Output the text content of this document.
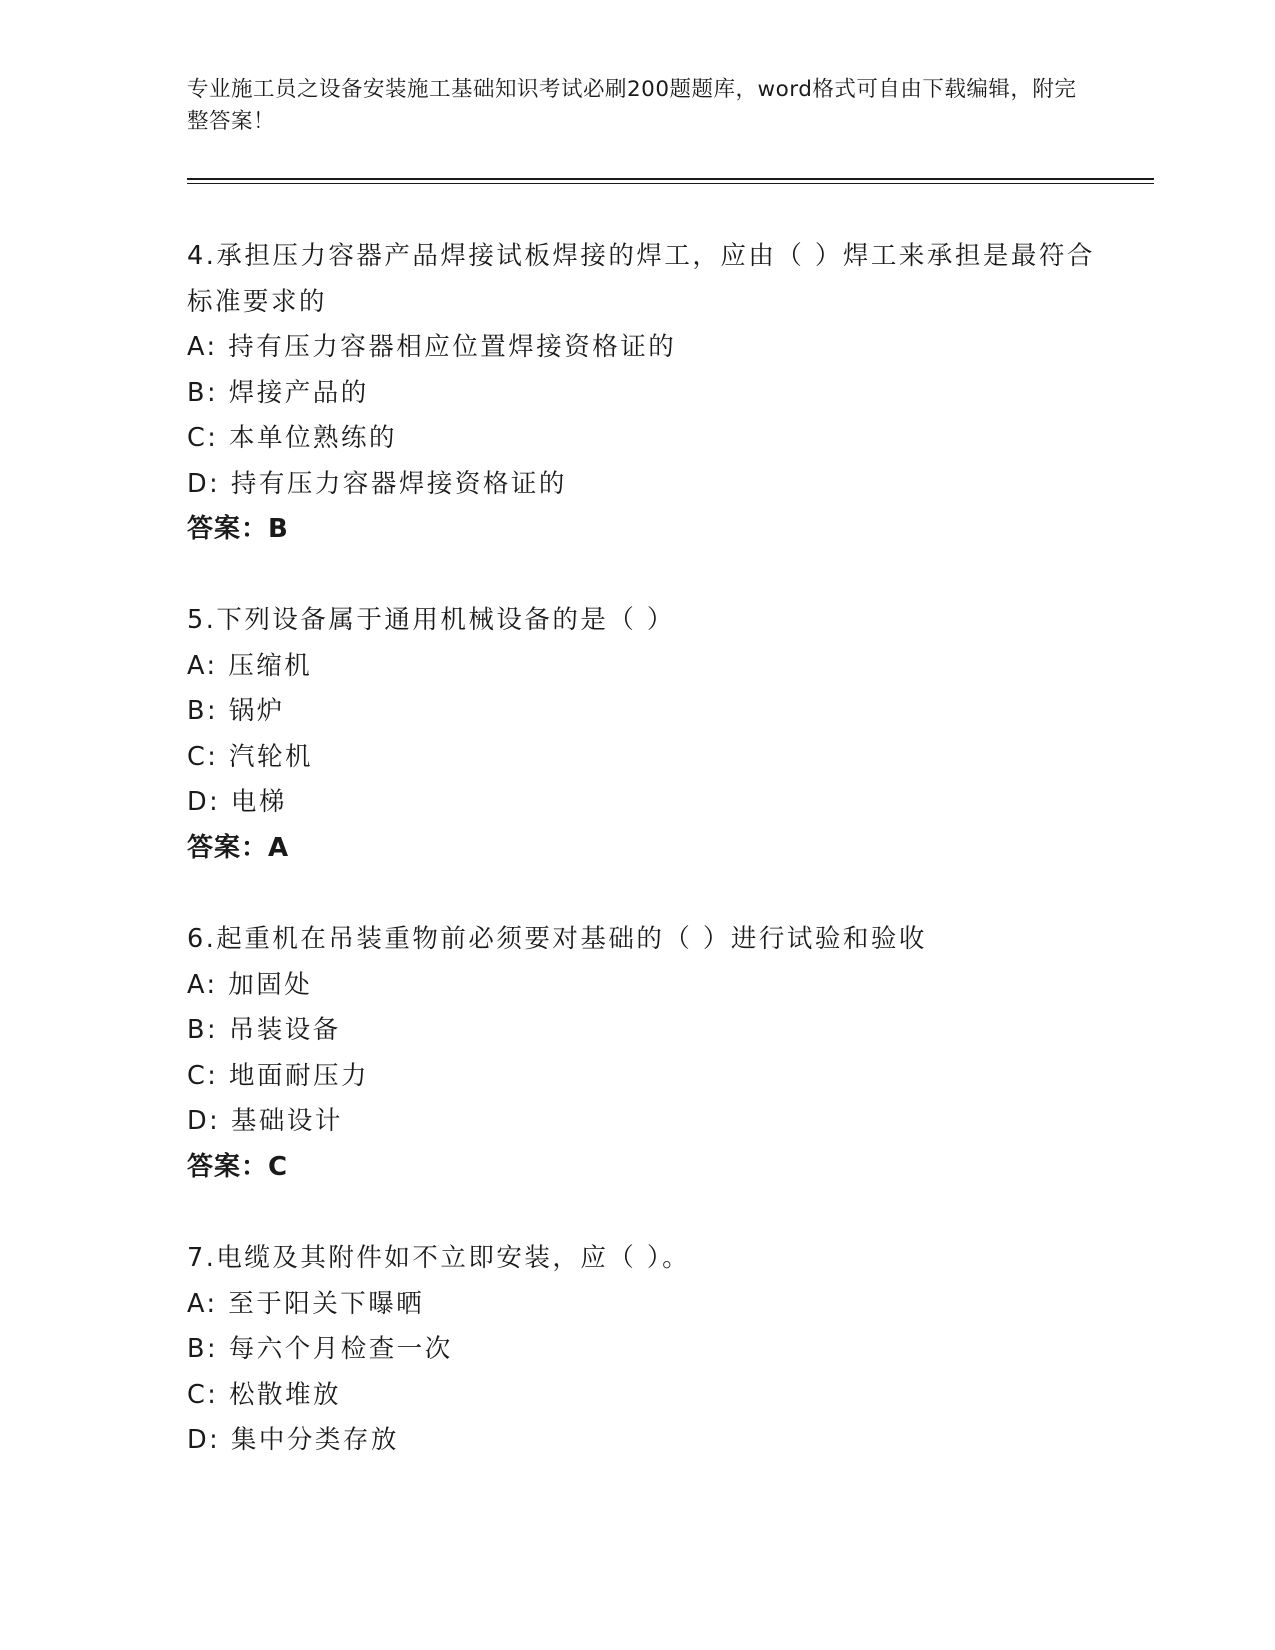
专业施工员之设备安装施工基础知识考试必刷200题题库，word格式可自由下载编辑，附完整答案！

4.承担压力容器产品焊接试板焊接的焊工，应由（ ）焊工来承担是最符合标准要求的

A: 持有压力容器相应位置焊接资格证的

B: 焊接产品的

C: 本单位熟练的

D: 持有压力容器焊接资格证的

答案：B

5.下列设备属于通用机械设备的是（ ）

A: 压缩机

B: 锅炉

C: 汽轮机

D: 电梯

答案：A

6.起重机在吊装重物前必须要对基础的（ ）进行试验和验收

A: 加固处

B: 吊装设备

C: 地面耐压力

D: 基础设计

答案：C

7.电缆及其附件如不立即安装，应（ ）。

A: 至于阳关下曝晒

B: 每六个月检查一次

C: 松散堆放

D: 集中分类存放
